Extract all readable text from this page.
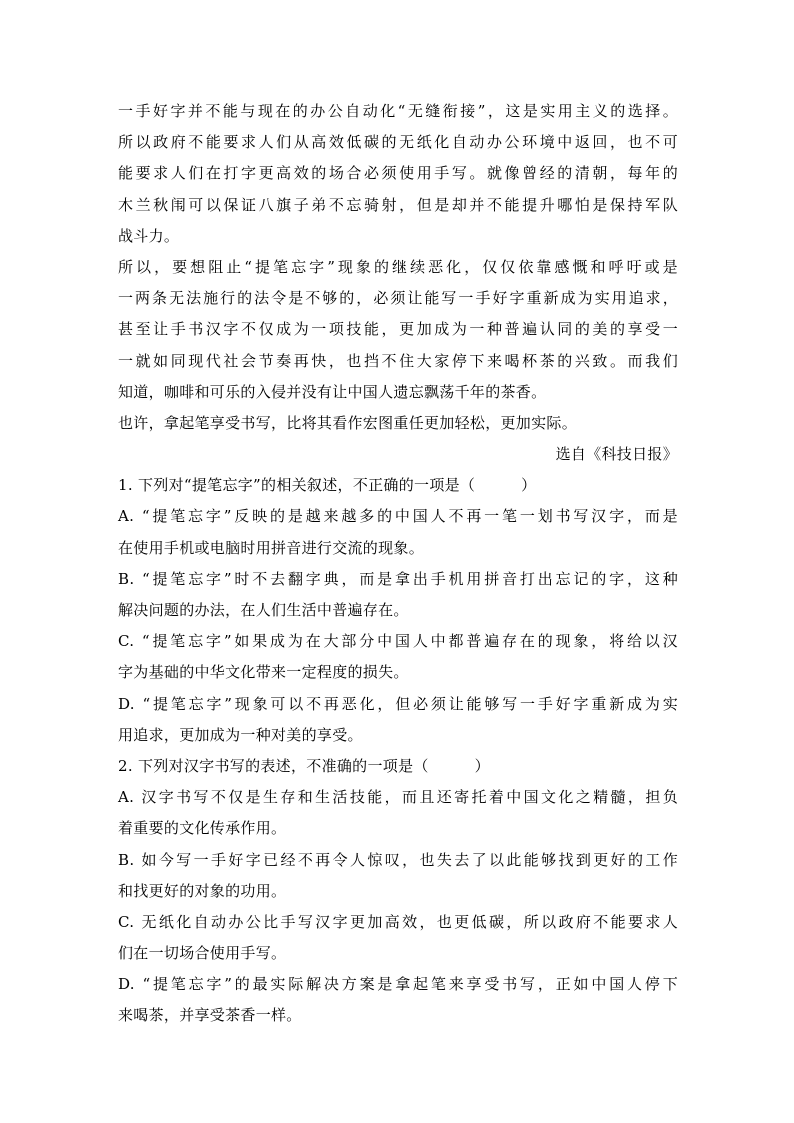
一手好字并不能与现在的办公自动化“无缝衔接”，这是实用主义的选择。
所以政府不能要求人们从高效低碳的无纸化自动办公环境中返回，也不可
能要求人们在打字更高效的场合必须使用手写。就像曾经的清朝，每年的
木兰秋闱可以保证八旗子弟不忘骑射，但是却并不能提升哪怕是保持军队
战斗力。
所以，要想阻止“提笔忘字”现象的继续恶化，仅仅依靠感慨和呼吁或是
一两条无法施行的法令是不够的，必须让能写一手好字重新成为实用追求，
甚至让手书汉字不仅成为一项技能，更加成为一种普遍认同的美的享受一
一就如同现代社会节奏再快，也挡不住大家停下来喝杯茶的兴致。而我们
知道，咖啡和可乐的入侵并没有让中国人遗忘飘荡千年的茶香。
也许，拿起笔享受书写，比将其看作宏图重任更加轻松，更加实际。
选自《科技日报》
1. 下列对“提笔忘字”的相关叙述，不正确的一项是（　　　）
A. “提笔忘字”反映的是越来越多的中国人不再一笔一划书写汉字，而是
在使用手机或电脑时用拼音进行交流的现象。
B. “提笔忘字”时不去翻字典，而是拿出手机用拼音打出忘记的字，这种
解决问题的办法，在人们生活中普遍存在。
C. “提笔忘字”如果成为在大部分中国人中都普遍存在的现象，将给以汉
字为基础的中华文化带来一定程度的损失。
D. “提笔忘字”现象可以不再恶化，但必须让能够写一手好字重新成为实
用追求，更加成为一种对美的享受。
2. 下列对汉字书写的表述，不准确的一项是（　　　）
A. 汉字书写不仅是生存和生活技能，而且还寄托着中国文化之精髓，担负
着重要的文化传承作用。
B. 如今写一手好字已经不再令人惊叹，也失去了以此能够找到更好的工作
和找更好的对象的功用。
C. 无纸化自动办公比手写汉字更加高效，也更低碳，所以政府不能要求人
们在一切场合使用手写。
D. “提笔忘字”的最实际解决方案是拿起笔来享受书写，正如中国人停下
来喝茶，并享受茶香一样。
